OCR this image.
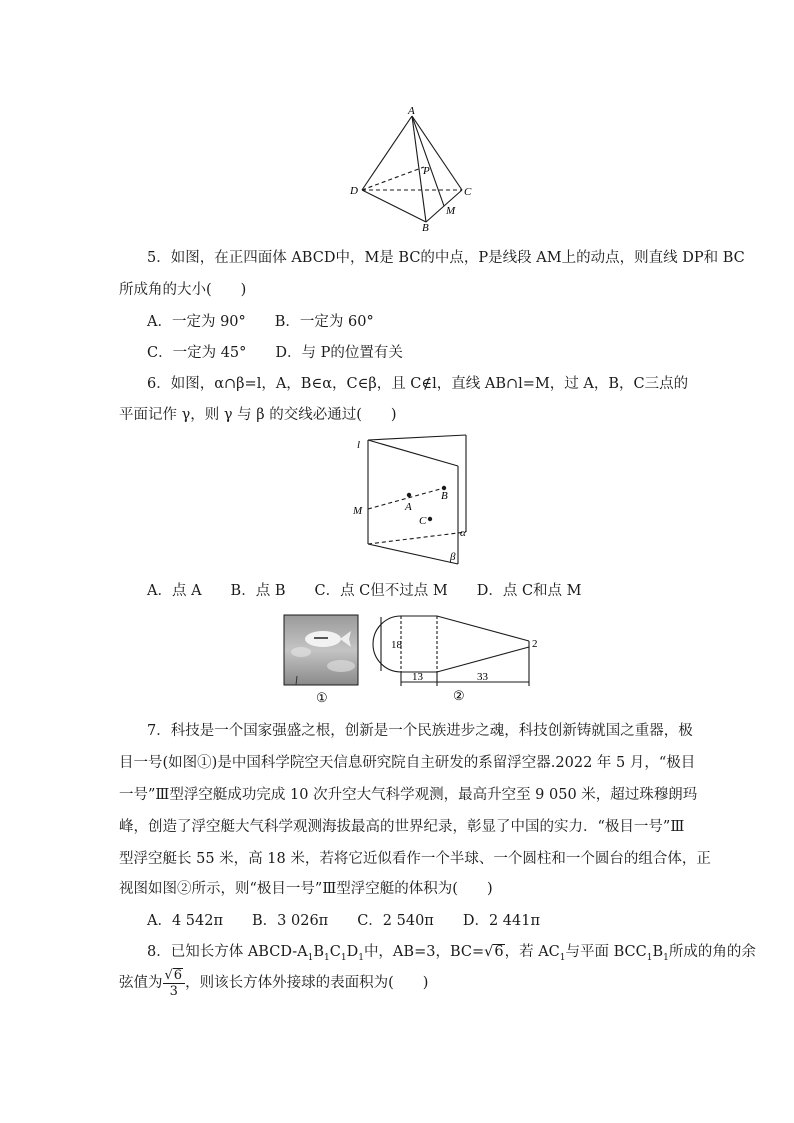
A
D	C
B
M
P
5．如图，在正四面体 ABCD中，M是 BC的中点，P是线段 AM上的动点，则直线 DP和 BC
所成角的大小(　　)
A．一定为 90°　　B．一定为 60°
C．一定为 45°　　D．与 P的位置有关
6．如图，α∩β=l，A，B∈α，C∈β，且 C∉l，直线 AB∩l=M，过 A，B，C三点的
平面记作 γ，则 γ 与 β 的交线必通过(　　)
l
M	A
B
C
α
β
A．点 A　　B．点 B　　C．点 C但不过点 M　　D．点 C和点 M
①
18	2
13	33
②
7．科技是一个国家强盛之根，创新是一个民族进步之魂，科技创新铸就国之重器，极
目一号(如图①)是中国科学院空天信息研究院自主研发的系留浮空器.2022 年 5 月，“极目
一号”Ⅲ型浮空艇成功完成 10 次升空大气科学观测，最高升空至 9 050 米，超过珠穆朗玛
峰，创造了浮空艇大气科学观测海拔最高的世界纪录，彰显了中国的实力．“极目一号”Ⅲ
型浮空艇长 55 米，高 18 米，若将它近似看作一个半球、一个圆柱和一个圆台的组合体，正
视图如图②所示，则“极目一号”Ⅲ型浮空艇的体积为(　　)
A．4 542π　　B．3 026π　　C．2 540π　　D．2 441π
8．已知长方体 ABCD-$A_1B_1C_1D_1$中，AB=3，BC=√6，若 $AC_1$与平面 $BCC_1B_1$所成的角的余
弦值为 $\frac{√6}{3}$ ，则该长方体外接球的表面积为(　　)
